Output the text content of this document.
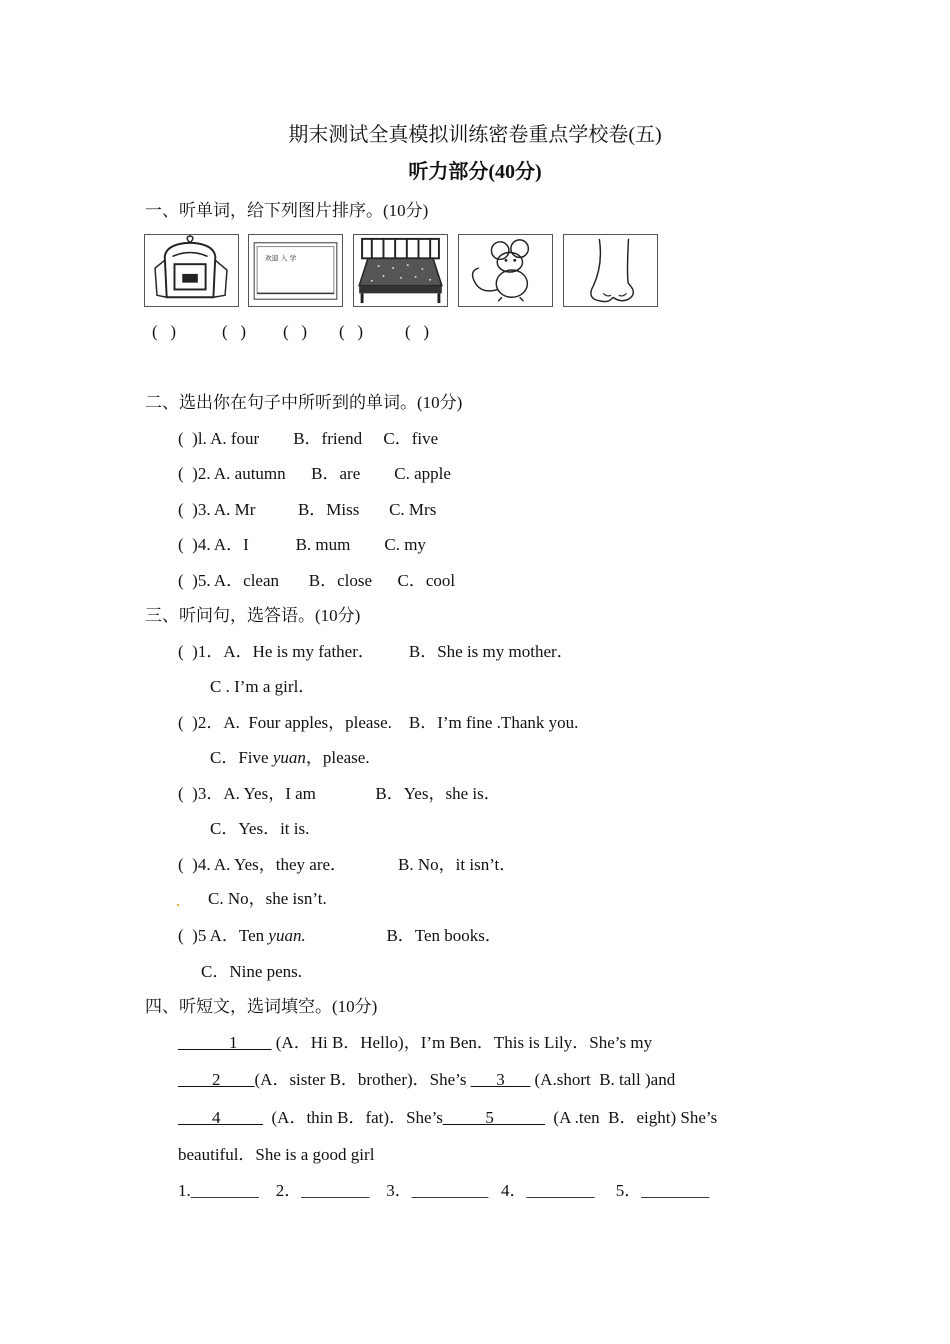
期末测试全真模拟训练密卷重点学校卷(五)
听力部分(40分)
一、听单词，给下列图片排序。(10分)
欢迎 入 学
(   )	(   ) (   ) (   ) (   )
二、选出你在句子中所听到的单词。(10分)
(  )l. A. four        B．friend     C．five
(  )2. A. autumn      B．are        C. apple
(  )3. A. Mr          B．Miss       C. Mrs
(  )4. A．I           B. mum        C. my
(  )5. A．clean       B．close      C．cool
三、听问句，选答语。(10分)
(  )1．A．He is my father．        B．She is my mother．
C . I’m a girl．
(  )2．A.  Four apples，please.    B．I’m fine .Thank you.
C．Five yuan，please.
(  )3．A. Yes，I am              B．Yes，she is．
C．Yes．it is.
(  )4. A. Yes，they are．            B. No，it isn’t．
. C. No，she isn’t.
(  )5 A．Ten yuan.                   B．Ten books．
C．Nine pens.
四、听短文，选词填空。(10分)
______1____ (A．Hi B．Hello)，I’m Ben．This is Lily．She’s my
____2____(A．sister B．brother)．She’s ___3___ (A.short  B. tall )and
____4_____  (A．thin B．fat)．She’s_____5______  (A .ten  B．eight) She’s
beautiful．She is a good girl
1.________    2．________    3．_________   4．________     5．________
